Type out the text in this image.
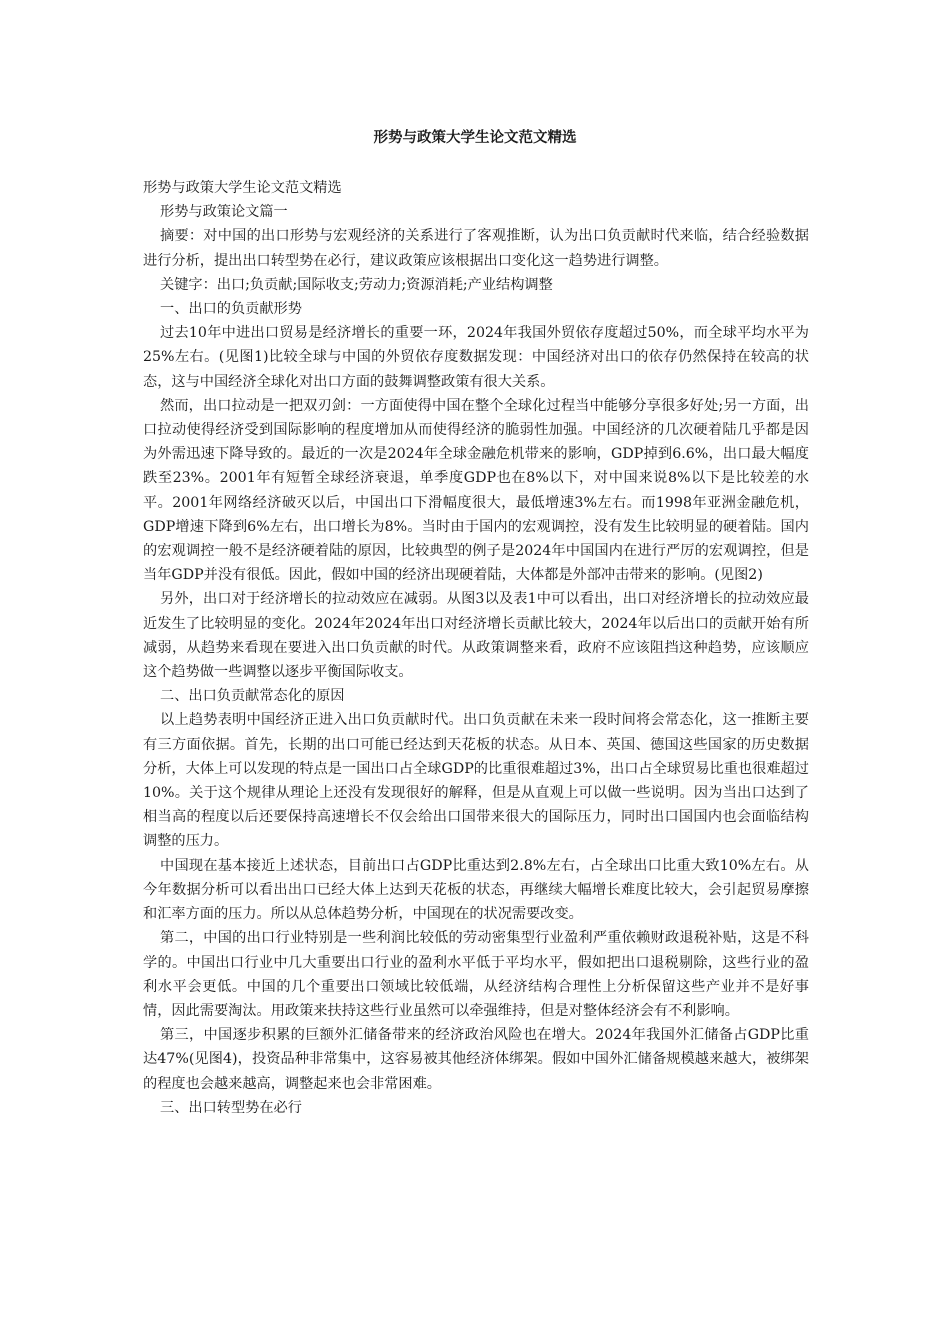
形势与政策大学生论文范文精选

形势与政策大学生论文范文精选

形势与政策论文篇一

摘要：对中国的出口形势与宏观经济的关系进行了客观推断，认为出口负贡献时代来临，结合经验数据进行分析，提出出口转型势在必行，建议政策应该根据出口变化这一趋势进行调整。

关键字：出口;负贡献;国际收支;劳动力;资源消耗;产业结构调整

一、出口的负贡献形势

过去10年中进出口贸易是经济增长的重要一环，2024年我国外贸依存度超过50%，而全球平均水平为25%左右。(见图1)比较全球与中国的外贸依存度数据发现：中国经济对出口的依存仍然保持在较高的状态，这与中国经济全球化对出口方面的鼓舞调整政策有很大关系。

然而，出口拉动是一把双刃剑：一方面使得中国在整个全球化过程当中能够分享很多好处;另一方面，出口拉动使得经济受到国际影响的程度增加从而使得经济的脆弱性加强。中国经济的几次硬着陆几乎都是因为外需迅速下降导致的。最近的一次是2024年全球金融危机带来的影响，GDP掉到6.6%，出口最大幅度跌至23%。2001年有短暂全球经济衰退，单季度GDP也在8%以下，对中国来说8%以下是比较差的水平。2001年网络经济破灭以后，中国出口下滑幅度很大，最低增速3%左右。而1998年亚洲金融危机，GDP增速下降到6%左右，出口增长为8%。当时由于国内的宏观调控，没有发生比较明显的硬着陆。国内的宏观调控一般不是经济硬着陆的原因，比较典型的例子是2024年中国国内在进行严厉的宏观调控，但是当年GDP并没有很低。因此，假如中国的经济出现硬着陆，大体都是外部冲击带来的影响。(见图2)

另外，出口对于经济增长的拉动效应在减弱。从图3以及表1中可以看出，出口对经济增长的拉动效应最近发生了比较明显的变化。2024年2024年出口对经济增长贡献比较大，2024年以后出口的贡献开始有所减弱，从趋势来看现在要进入出口负贡献的时代。从政策调整来看，政府不应该阻挡这种趋势，应该顺应这个趋势做一些调整以逐步平衡国际收支。

二、出口负贡献常态化的原因

以上趋势表明中国经济正进入出口负贡献时代。出口负贡献在未来一段时间将会常态化，这一推断主要有三方面依据。首先，长期的出口可能已经达到天花板的状态。从日本、英国、德国这些国家的历史数据分析，大体上可以发现的特点是一国出口占全球GDP的比重很难超过3%，出口占全球贸易比重也很难超过10%。关于这个规律从理论上还没有发现很好的解释，但是从直观上可以做一些说明。因为当出口达到了相当高的程度以后还要保持高速增长不仅会给出口国带来很大的国际压力，同时出口国国内也会面临结构调整的压力。

中国现在基本接近上述状态，目前出口占GDP比重达到2.8%左右，占全球出口比重大致10%左右。从今年数据分析可以看出出口已经大体上达到天花板的状态，再继续大幅增长难度比较大，会引起贸易摩擦和汇率方面的压力。所以从总体趋势分析，中国现在的状况需要改变。

第二，中国的出口行业特别是一些利润比较低的劳动密集型行业盈利严重依赖财政退税补贴，这是不科学的。中国出口行业中几大重要出口行业的盈利水平低于平均水平，假如把出口退税剔除，这些行业的盈利水平会更低。中国的几个重要出口领域比较低端，从经济结构合理性上分析保留这些产业并不是好事情，因此需要淘汰。用政策来扶持这些行业虽然可以牵强维持，但是对整体经济会有不利影响。

第三，中国逐步积累的巨额外汇储备带来的经济政治风险也在增大。2024年我国外汇储备占GDP比重达47%(见图4)，投资品种非常集中，这容易被其他经济体绑架。假如中国外汇储备规模越来越大，被绑架的程度也会越来越高，调整起来也会非常困难。

三、出口转型势在必行
